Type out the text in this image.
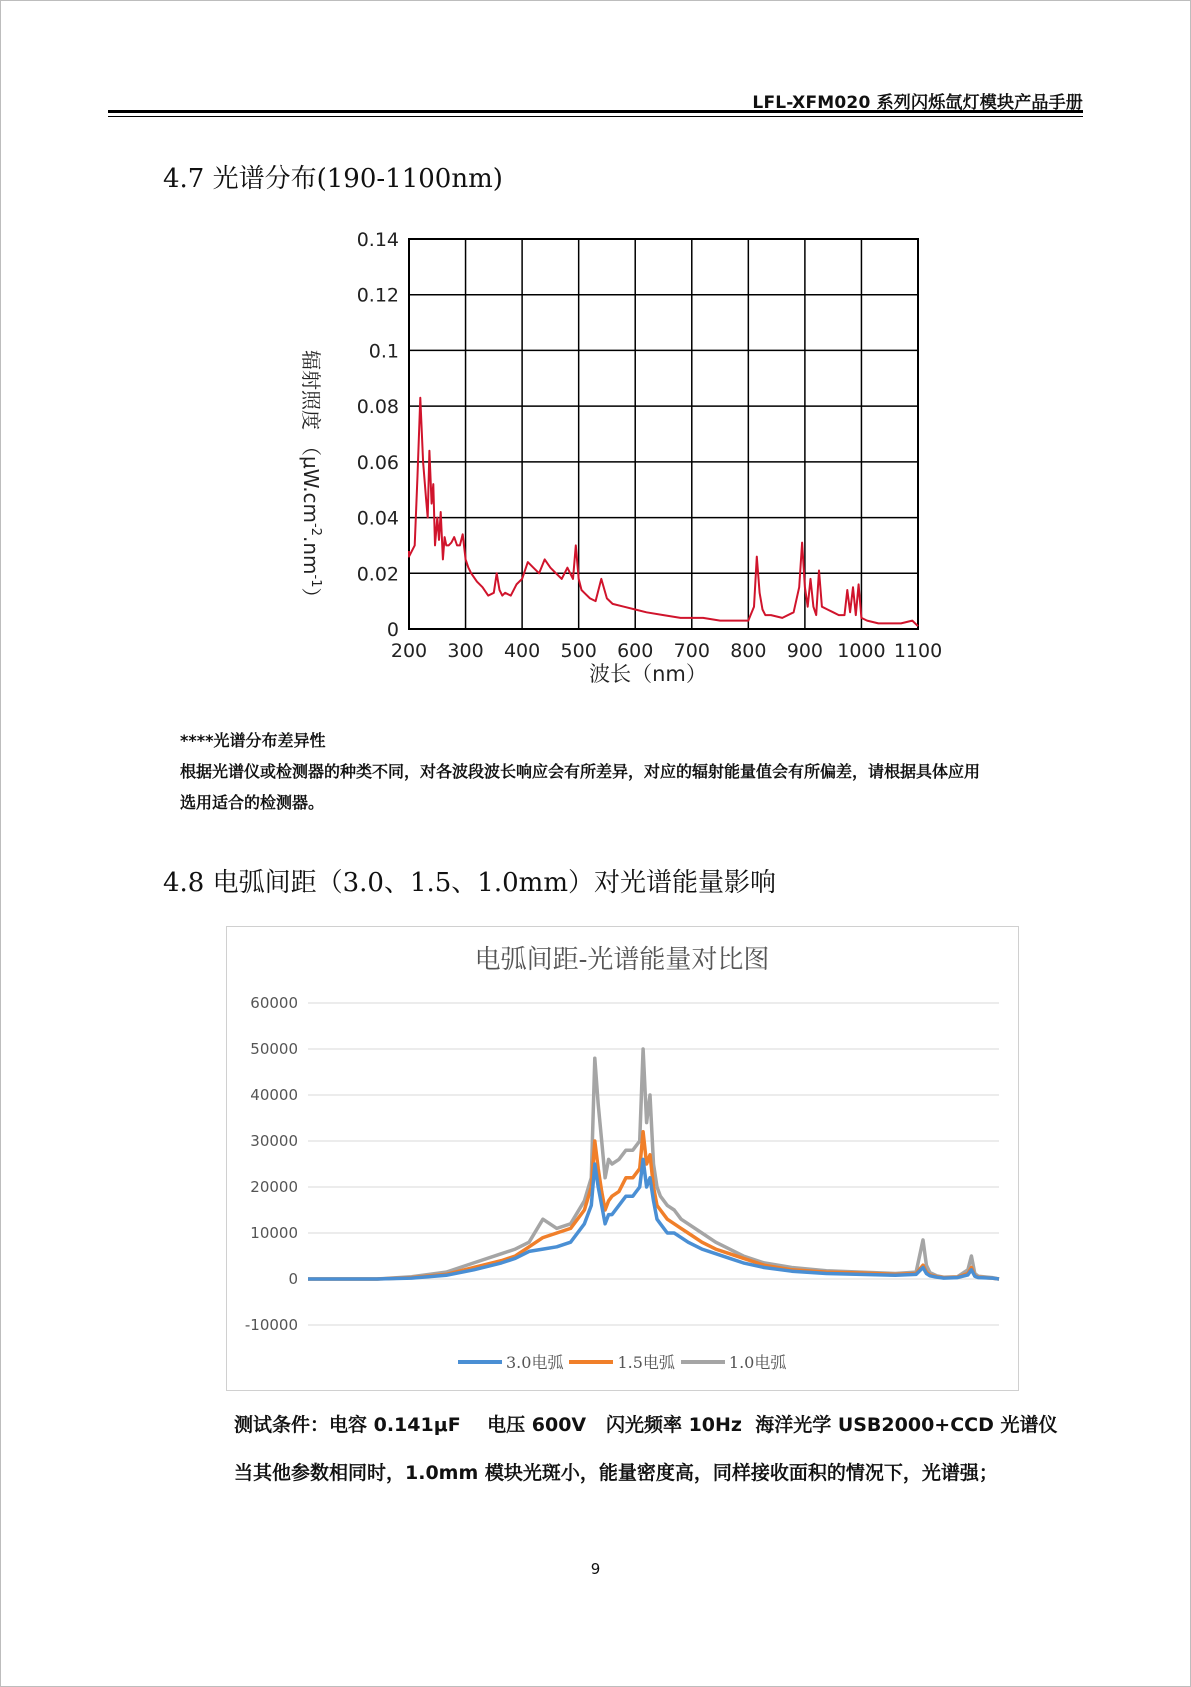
LFL-XFM020 系列闪烁氙灯模块产品手册
4.7 光谱分布(190-1100nm)
0
0.02
0.04
0.06
0.08
0.1
0.12
0.14
200 300 400 500 600 700 800 900 1000 1100
辐射照度$(\mu W.cm^{-2}.nm^{-1})$
波长（nm）
****光谱分布差异性
根据光谱仪或检测器的种类不同，对各波段波长响应会有所差异，对应的辐射能量值会有所偏差，请根据具体应用
选用适合的检测器。
4.8 电弧间距（3.0、1.5、1.0mm）对光谱能量影响
电弧间距-光谱能量对比图
60000
50000
40000
30000
20000
10000
0
-10000
3.0电弧	1.5电弧	1.0电弧
测试条件：电容 0.141μF    电压 600V   闪光频率 10Hz  海洋光学 USB2000+CCD 光谱仪
当其他参数相同时，1.0mm 模块光斑小，能量密度高，同样接收面积的情况下，光谱强；
9
